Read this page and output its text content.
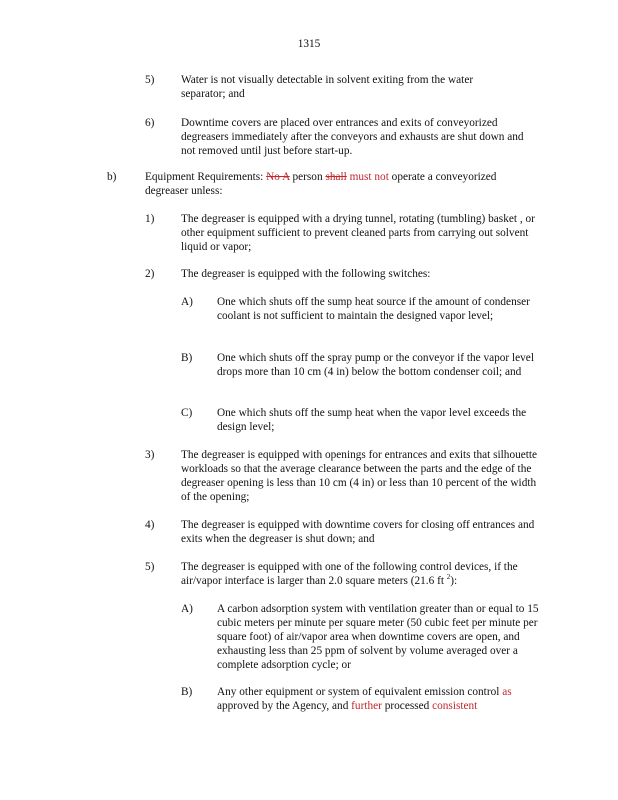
1315
5) Water is not visually detectable in solvent exiting from the water separator; and
6) Downtime covers are placed over entrances and exits of conveyorized degreasers immediately after the conveyors and exhausts are shut down and not removed until just before start-up.
b)	Equipment Requirements: No A person shall must not operate a conveyorized degreaser unless:
1) The degreaser is equipped with a drying tunnel, rotating (tumbling) basket , or other equipment sufficient to prevent cleaned parts from carrying out solvent liquid or vapor;
2) The degreaser is equipped with the following switches:
A) One which shuts off the sump heat source if the amount of condenser coolant is not sufficient to maintain the designed vapor level;
B) One which shuts off the spray pump or the conveyor if the vapor level drops more than 10 cm (4 in) below the bottom condenser coil; and
C) One which shuts off the sump heat when the vapor level exceeds the design level;
3) The degreaser is equipped with openings for entrances and exits that silhouette workloads so that the average clearance between the parts and the edge of the degreaser opening is less than 10 cm (4 in) or less than 10 percent of the width of the opening;
4) The degreaser is equipped with downtime covers for closing off entrances and exits when the degreaser is shut down; and
5) The degreaser is equipped with one of the following control devices, if the air/vapor interface is larger than 2.0 square meters (21.6 ft $^2$):
A) A carbon adsorption system with ventilation greater than or equal to 15 cubic meters per minute per square meter (50 cubic feet per minute per square foot) of air/vapor area when downtime covers are open, and exhausting less than 25 ppm of solvent by volume averaged over a complete adsorption cycle; or
B) Any other equipment or system of equivalent emission control as approved by the Agency, and further processed consistent
